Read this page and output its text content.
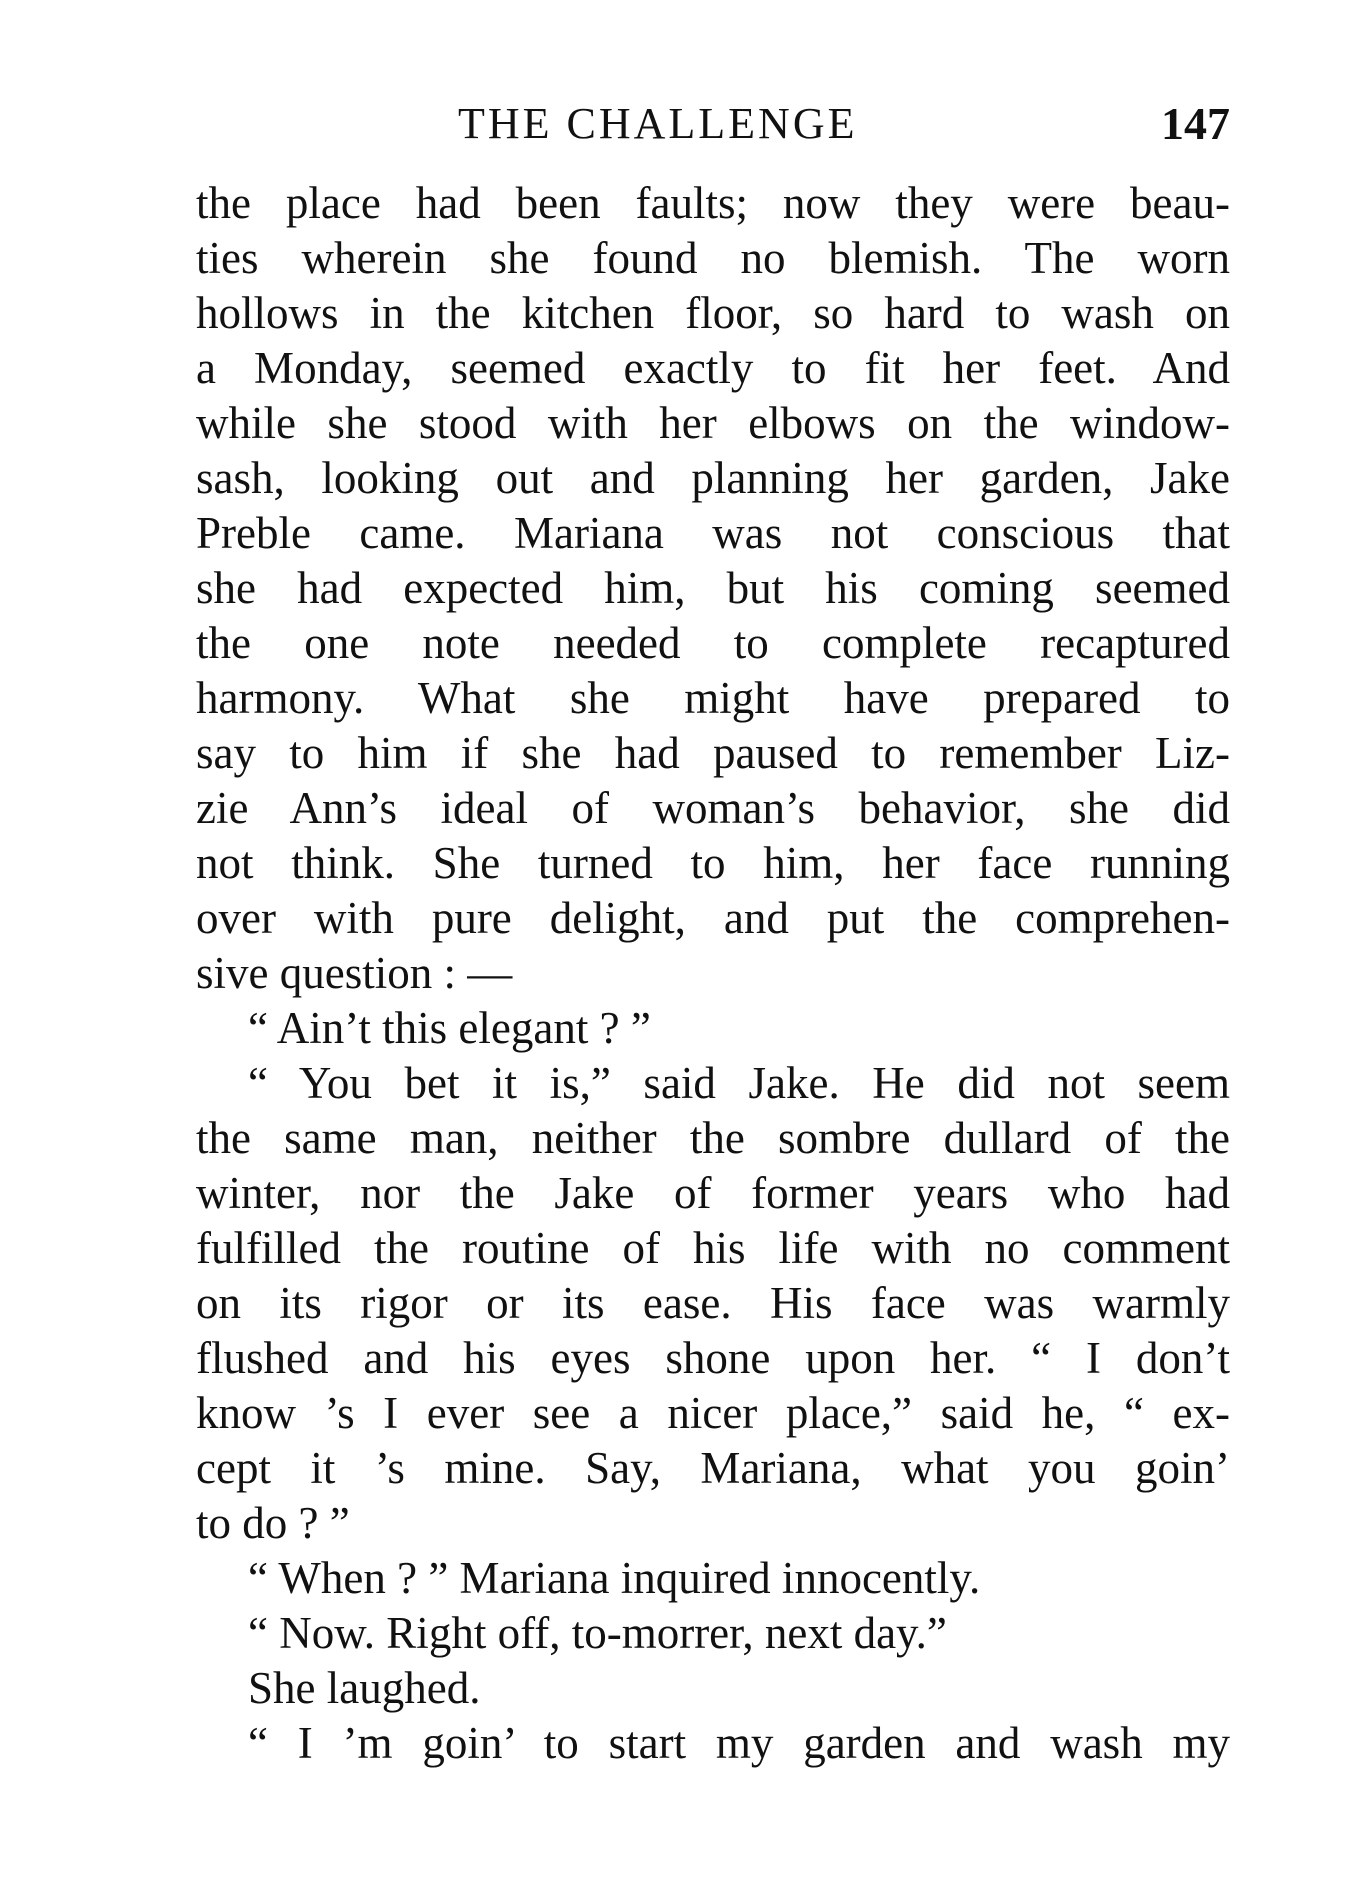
THE CHALLENGE	147
the place had been faults; now they were beau-
ties wherein she found no blemish. The worn
hollows in the kitchen floor, so hard to wash on
a Monday, seemed exactly to fit her feet. And
while she stood with her elbows on the window-
sash, looking out and planning her garden, Jake
Preble came. Mariana was not conscious that
she had expected him, but his coming seemed
the one note needed to complete recaptured
harmony. What she might have prepared to
say to him if she had paused to remember Liz-
zie Ann’s ideal of woman’s behavior, she did
not think. She turned to him, her face running
over with pure delight, and put the comprehen-
sive question : —
“ Ain’t this elegant ? ”
“ You bet it is,” said Jake. He did not seem
the same man, neither the sombre dullard of the
winter, nor the Jake of former years who had
fulfilled the routine of his life with no comment
on its rigor or its ease. His face was warmly
flushed and his eyes shone upon her. “ I don’t
know ’s I ever see a nicer place,” said he, “ ex-
cept it ’s mine. Say, Mariana, what you goin’
to do ? ”
“ When ? ” Mariana inquired innocently.
“ Now. Right off, to-morrer, next day.”
She laughed.
“ I ’m goin’ to start my garden and wash my
